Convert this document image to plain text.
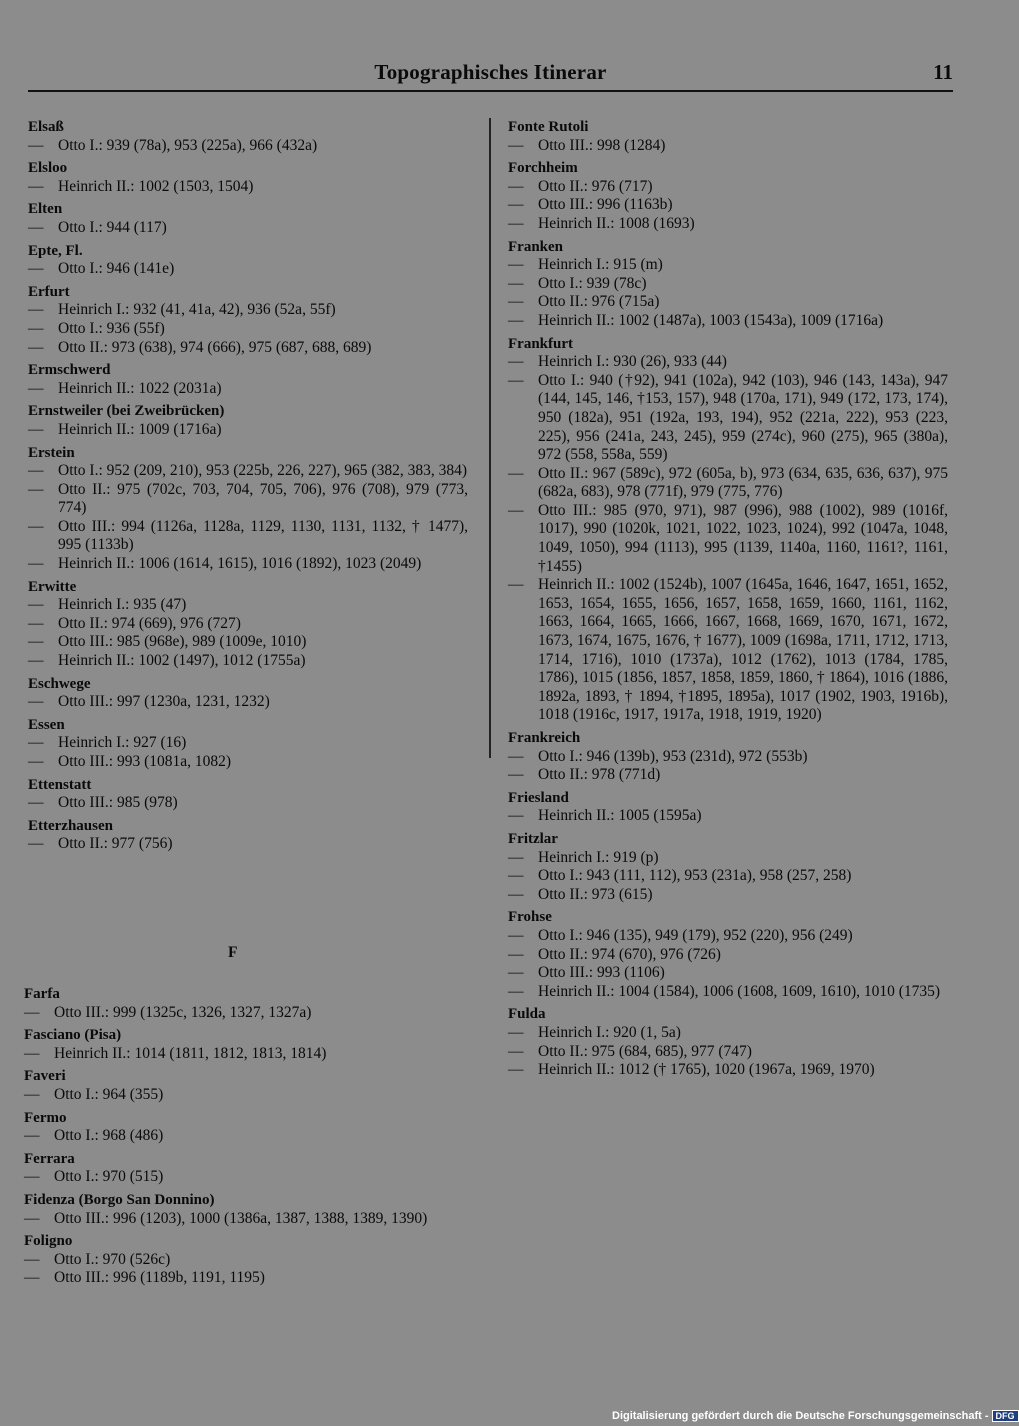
Topographisches Itinerar	11
Elsaß
— Otto I.: 939 (78a), 953 (225a), 966 (432a)
Elsloo
— Heinrich II.: 1002 (1503, 1504)
Elten
— Otto I.: 944 (117)
Epte, Fl.
— Otto I.: 946 (141e)
Erfurt
— Heinrich I.: 932 (41, 41a, 42), 936 (52a, 55f)
— Otto I.: 936 (55f)
— Otto II.: 973 (638), 974 (666), 975 (687, 688, 689)
Ermschwerd
— Heinrich II.: 1022 (2031a)
Ernstweiler (bei Zweibrücken)
— Heinrich II.: 1009 (1716a)
Erstein
— Otto I.: 952 (209, 210), 953 (225b, 226, 227), 965 (382, 383, 384)
— Otto II.: 975 (702c, 703, 704, 705, 706), 976 (708), 979 (773, 774)
— Otto III.: 994 (1126a, 1128a, 1129, 1130, 1131, 1132, † 1477), 995 (1133b)
— Heinrich II.: 1006 (1614, 1615), 1016 (1892), 1023 (2049)
Erwitte
— Heinrich I.: 935 (47)
— Otto II.: 974 (669), 976 (727)
— Otto III.: 985 (968e), 989 (1009e, 1010)
— Heinrich II.: 1002 (1497), 1012 (1755a)
Eschwege
— Otto III.: 997 (1230a, 1231, 1232)
Essen
— Heinrich I.: 927 (16)
— Otto III.: 993 (1081a, 1082)
Ettenstatt
— Otto III.: 985 (978)
Etterzhausen
— Otto II.: 977 (756)
Fonte Rutoli
— Otto III.: 998 (1284)
Forchheim
— Otto II.: 976 (717)
— Otto III.: 996 (1163b)
— Heinrich II.: 1008 (1693)
Franken
— Heinrich I.: 915 (m)
— Otto I.: 939 (78c)
— Otto II.: 976 (715a)
— Heinrich II.: 1002 (1487a), 1003 (1543a), 1009 (1716a)
Frankfurt
— Heinrich I.: 930 (26), 933 (44)
— Otto I.: 940 (†92), 941 (102a), 942 (103), 946 (143, 143a), 947 (144, 145, 146, †153, 157), 948 (170a, 171), 949 (172, 173, 174), 950 (182a), 951 (192a, 193, 194), 952 (221a, 222), 953 (223, 225), 956 (241a, 243, 245), 959 (274c), 960 (275), 965 (380a), 972 (558, 558a, 559)
— Otto II.: 967 (589c), 972 (605a, b), 973 (634, 635, 636, 637), 975 (682a, 683), 978 (771f), 979 (775, 776)
— Otto III.: 985 (970, 971), 987 (996), 988 (1002), 989 (1016f, 1017), 990 (1020k, 1021, 1022, 1023, 1024), 992 (1047a, 1048, 1049, 1050), 994 (1113), 995 (1139, 1140a, 1160, 1161?, 1161, †1455)
— Heinrich II.: 1002 (1524b), 1007 (1645a, 1646, 1647, 1651, 1652, 1653, 1654, 1655, 1656, 1657, 1658, 1659, 1660, 1161, 1162, 1663, 1664, 1665, 1666, 1667, 1668, 1669, 1670, 1671, 1672, 1673, 1674, 1675, 1676, † 1677), 1009 (1698a, 1711, 1712, 1713, 1714, 1716), 1010 (1737a), 1012 (1762), 1013 (1784, 1785, 1786), 1015 (1856, 1857, 1858, 1859, 1860, † 1864), 1016 (1886, 1892a, 1893, † 1894, †1895, 1895a), 1017 (1902, 1903, 1916b), 1018 (1916c, 1917, 1917a, 1918, 1919, 1920)
Frankreich
— Otto I.: 946 (139b), 953 (231d), 972 (553b)
— Otto II.: 978 (771d)
Friesland
— Heinrich II.: 1005 (1595a)
Fritzlar
— Heinrich I.: 919 (p)
— Otto I.: 943 (111, 112), 953 (231a), 958 (257, 258)
— Otto II.: 973 (615)
Frohse
— Otto I.: 946 (135), 949 (179), 952 (220), 956 (249)
— Otto II.: 974 (670), 976 (726)
— Otto III.: 993 (1106)
— Heinrich II.: 1004 (1584), 1006 (1608, 1609, 1610), 1010 (1735)
Fulda
— Heinrich I.: 920 (1, 5a)
— Otto II.: 975 (684, 685), 977 (747)
— Heinrich II.: 1012 († 1765), 1020 (1967a, 1969, 1970)
F
Farfa
— Otto III.: 999 (1325c, 1326, 1327, 1327a)
Fasciano (Pisa)
— Heinrich II.: 1014 (1811, 1812, 1813, 1814)
Faveri
— Otto I.: 964 (355)
Fermo
— Otto I.: 968 (486)
Ferrara
— Otto I.: 970 (515)
Fidenza (Borgo San Donnino)
— Otto III.: 996 (1203), 1000 (1386a, 1387, 1388, 1389, 1390)
Foligno
— Otto I.: 970 (526c)
— Otto III.: 996 (1189b, 1191, 1195)
Digitalisierung gefördert durch die Deutsche Forschungsgemeinschaft - DFG
